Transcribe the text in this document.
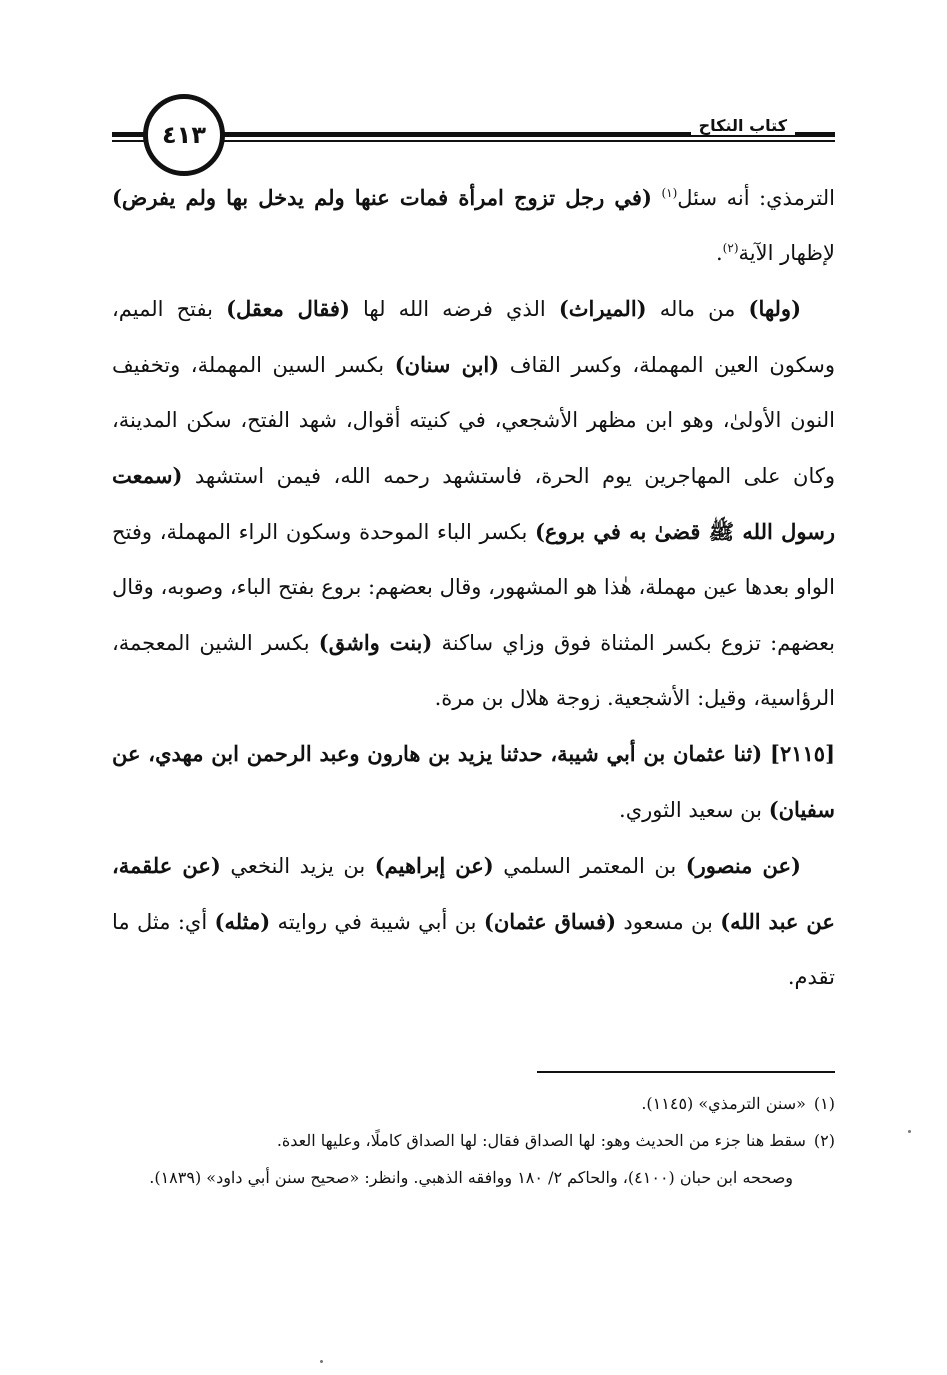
كتاب النكاح
٤١٣

الترمذي: أنه سئل$^{(١)}$ (في رجل تزوج امرأة فمات عنها ولم يدخل بها ولم يفرض) لإظهار الآية$^{(٢)}$.

(ولها) من ماله (الميراث) الذي فرضه الله لها (فقال معقل) بفتح الميم، وسكون العين المهملة، وكسر القاف (ابن سنان) بكسر السين المهملة، وتخفيف النون الأولىٰ، وهو ابن مظهر الأشجعي، في كنيته أقوال، شهد الفتح، سكن المدينة، وكان على المهاجرين يوم الحرة، فاستشهد رحمه الله، فيمن استشهد (سمعت رسول الله ﷺ قضىٰ به في بروع) بكسر الباء الموحدة وسكون الراء المهملة، وفتح الواو بعدها عين مهملة، هٰذا هو المشهور، وقال بعضهم: بروع بفتح الباء، وصوبه، وقال بعضهم: تزوع بكسر المثناة فوق وزاي ساكنة (بنت واشق) بكسر الشين المعجمة، الرؤاسية، وقيل: الأشجعية. زوجة هلال بن مرة.

[٢١١٥] (ثنا عثمان بن أبي شيبة، حدثنا يزيد بن هارون وعبد الرحمن ابن مهدي، عن سفيان) بن سعيد الثوري.

(عن منصور) بن المعتمر السلمي (عن إبراهيم) بن يزيد النخعي (عن علقمة، عن عبد الله) بن مسعود (فساق عثمان) بن أبي شيبة في روايته (مثله) أي: مثل ما تقدم.

(١)
«سنن الترمذي» (١١٤٥).
(٢)
سقط هنا جزء من الحديث وهو: لها الصداق فقال: لها الصداق كاملًا، وعليها العدة.
وصححه ابن حبان (٤١٠٠)، والحاكم ٢/ ١٨٠ ووافقه الذهبي. وانظر: «صحيح سنن أبي داود» (١٨٣٩).
